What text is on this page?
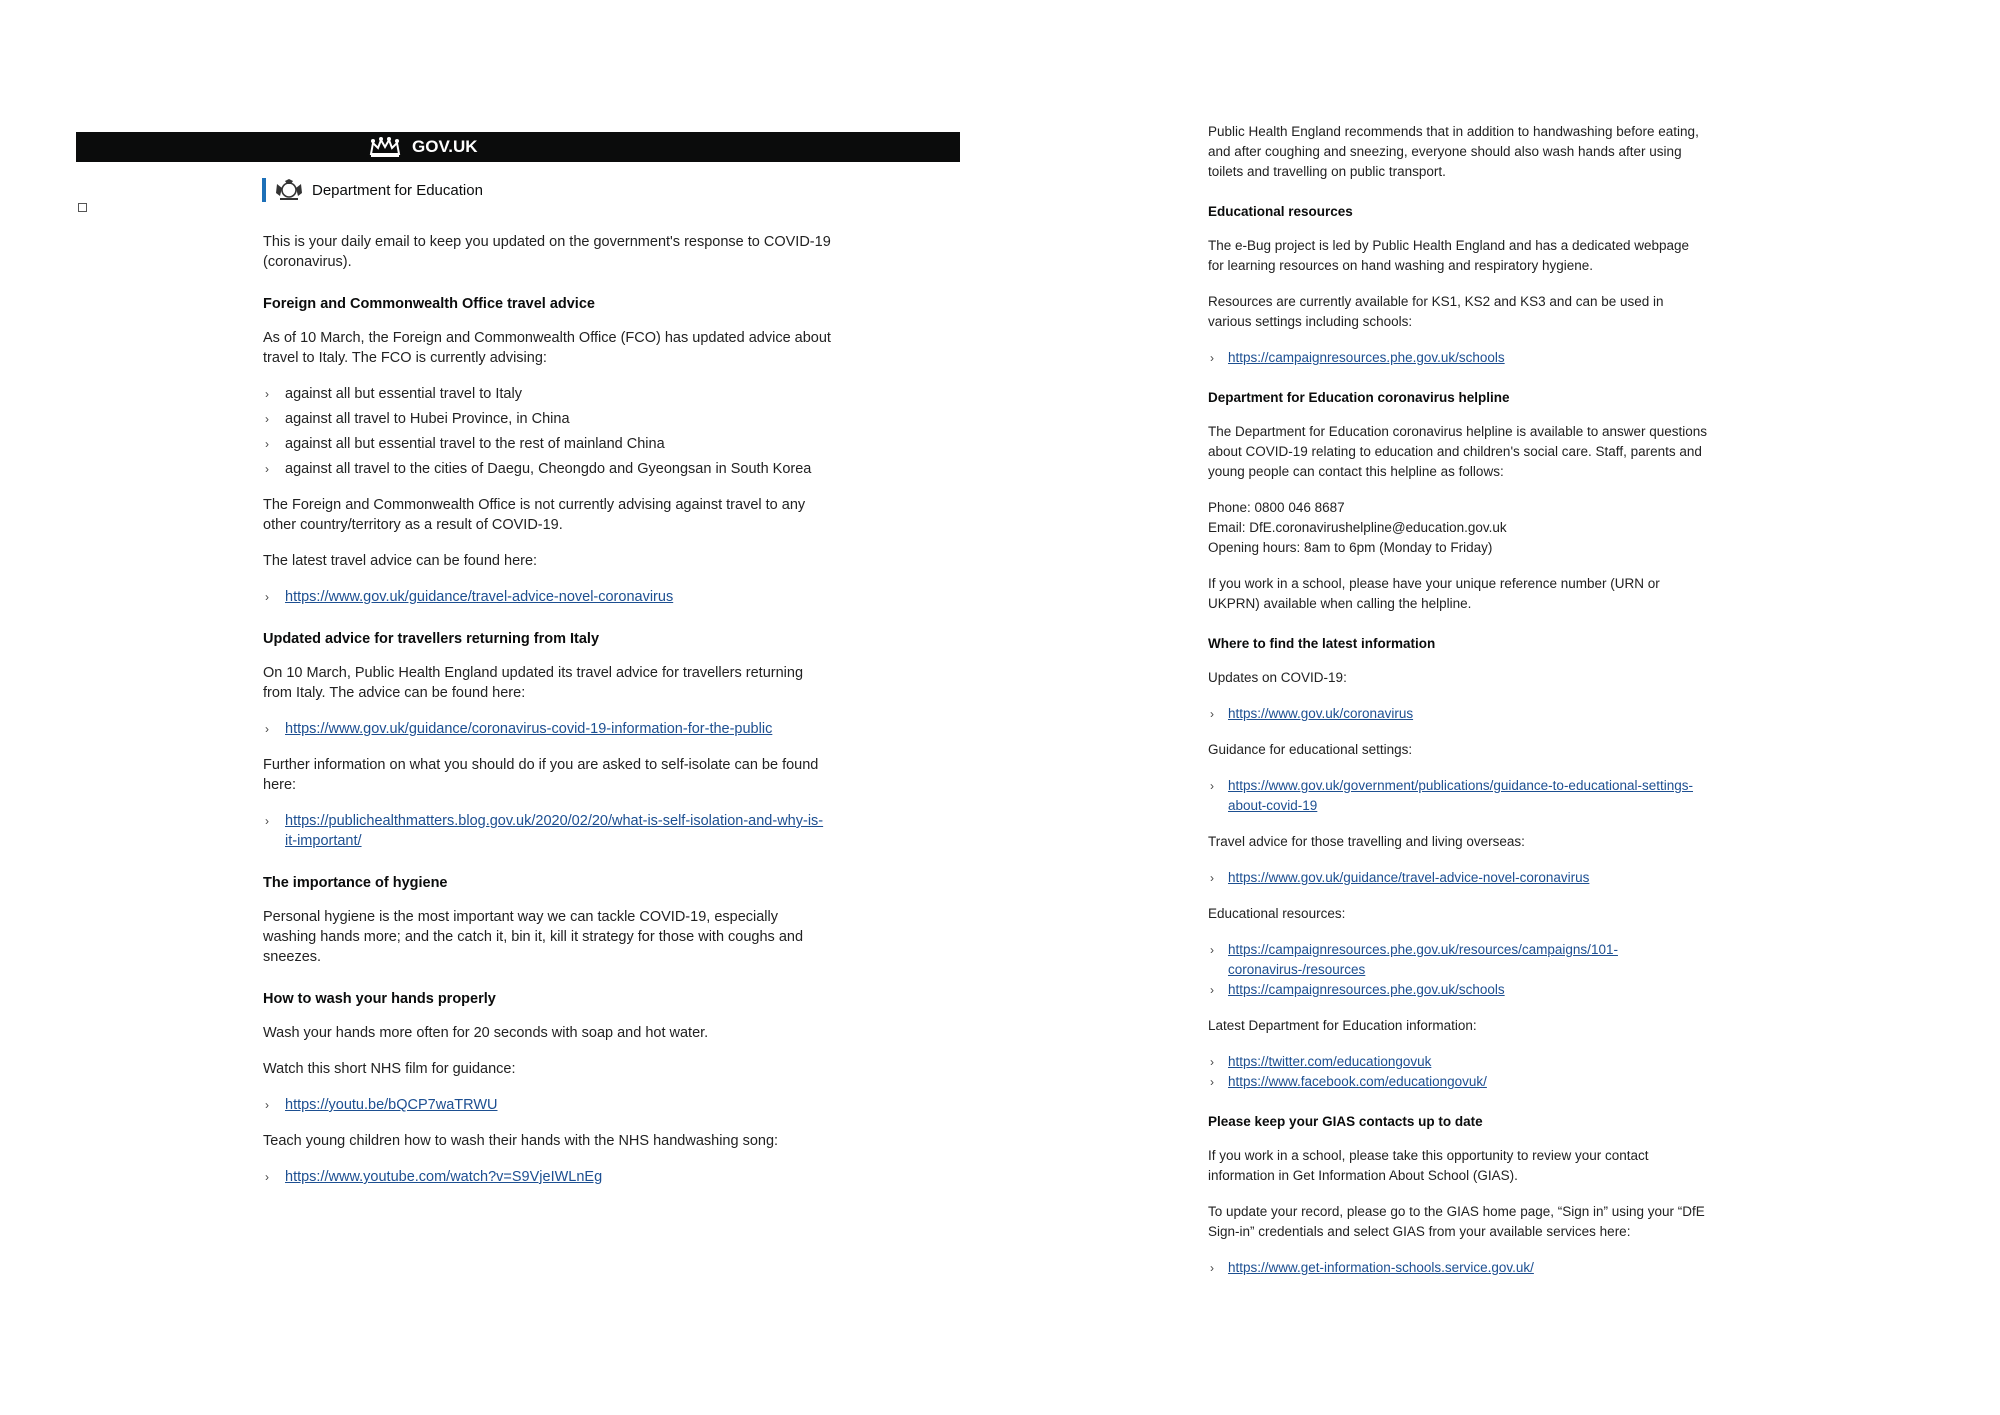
GOV.UK
Department for Education

This is your daily email to keep you updated on the government's response to COVID-19 (coronavirus).

Foreign and Commonwealth Office travel advice

As of 10 March, the Foreign and Commonwealth Office (FCO) has updated advice about travel to Italy. The FCO is currently advising:

› against all but essential travel to Italy
› against all travel to Hubei Province, in China
› against all but essential travel to the rest of mainland China
› against all travel to the cities of Daegu, Cheongdo and Gyeongsan in South Korea

The Foreign and Commonwealth Office is not currently advising against travel to any other country/territory as a result of COVID-19.

The latest travel advice can be found here:

› https://www.gov.uk/guidance/travel-advice-novel-coronavirus
Updated advice for travellers returning from Italy

On 10 March, Public Health England updated its travel advice for travellers returning from Italy. The advice can be found here:

› https://www.gov.uk/guidance/coronavirus-covid-19-information-for-the-public

Further information on what you should do if you are asked to self-isolate can be found here:

› https://publichealthmatters.blog.gov.uk/2020/02/20/what-is-self-isolation-and-why-is-it-important/
The importance of hygiene

Personal hygiene is the most important way we can tackle COVID-19, especially washing hands more; and the catch it, bin it, kill it strategy for those with coughs and sneezes.

How to wash your hands properly

Wash your hands more often for 20 seconds with soap and hot water.

Watch this short NHS film for guidance:

› https://youtu.be/bQCP7waTRWU

Teach young children how to wash their hands with the NHS handwashing song:

› https://www.youtube.com/watch?v=S9VjeIWLnEg

Public Health England recommends that in addition to handwashing before eating, and after coughing and sneezing, everyone should also wash hands after using toilets and travelling on public transport.

Educational resources

The e-Bug project is led by Public Health England and has a dedicated webpage for learning resources on hand washing and respiratory hygiene.

Resources are currently available for KS1, KS2 and KS3 and can be used in various settings including schools:

› https://campaignresources.phe.gov.uk/schools
Department for Education coronavirus helpline

The Department for Education coronavirus helpline is available to answer questions about COVID-19 relating to education and children's social care. Staff, parents and young people can contact this helpline as follows:

Phone: 0800 046 8687

Email: DfE.coronavirushelpline@education.gov.uk

Opening hours: 8am to 6pm (Monday to Friday)

If you work in a school, please have your unique reference number (URN or UKPRN) available when calling the helpline.

Where to find the latest information

Updates on COVID-19:

› https://www.gov.uk/coronavirus

Guidance for educational settings:

› https://www.gov.uk/government/publications/guidance-to-educational-settings-about-covid-19

Travel advice for those travelling and living overseas:

› https://www.gov.uk/guidance/travel-advice-novel-coronavirus

Educational resources:

› https://campaignresources.phe.gov.uk/resources/campaigns/101-coronavirus-/resources
› https://campaignresources.phe.gov.uk/schools

Latest Department for Education information:

› https://twitter.com/educationgovuk
› https://www.facebook.com/educationgovuk/
Please keep your GIAS contacts up to date

If you work in a school, please take this opportunity to review your contact information in Get Information About School (GIAS).

To update your record, please go to the GIAS home page, “Sign in” using your “DfE Sign-in” credentials and select GIAS from your available services here:

› https://www.get-information-schools.service.gov.uk/
